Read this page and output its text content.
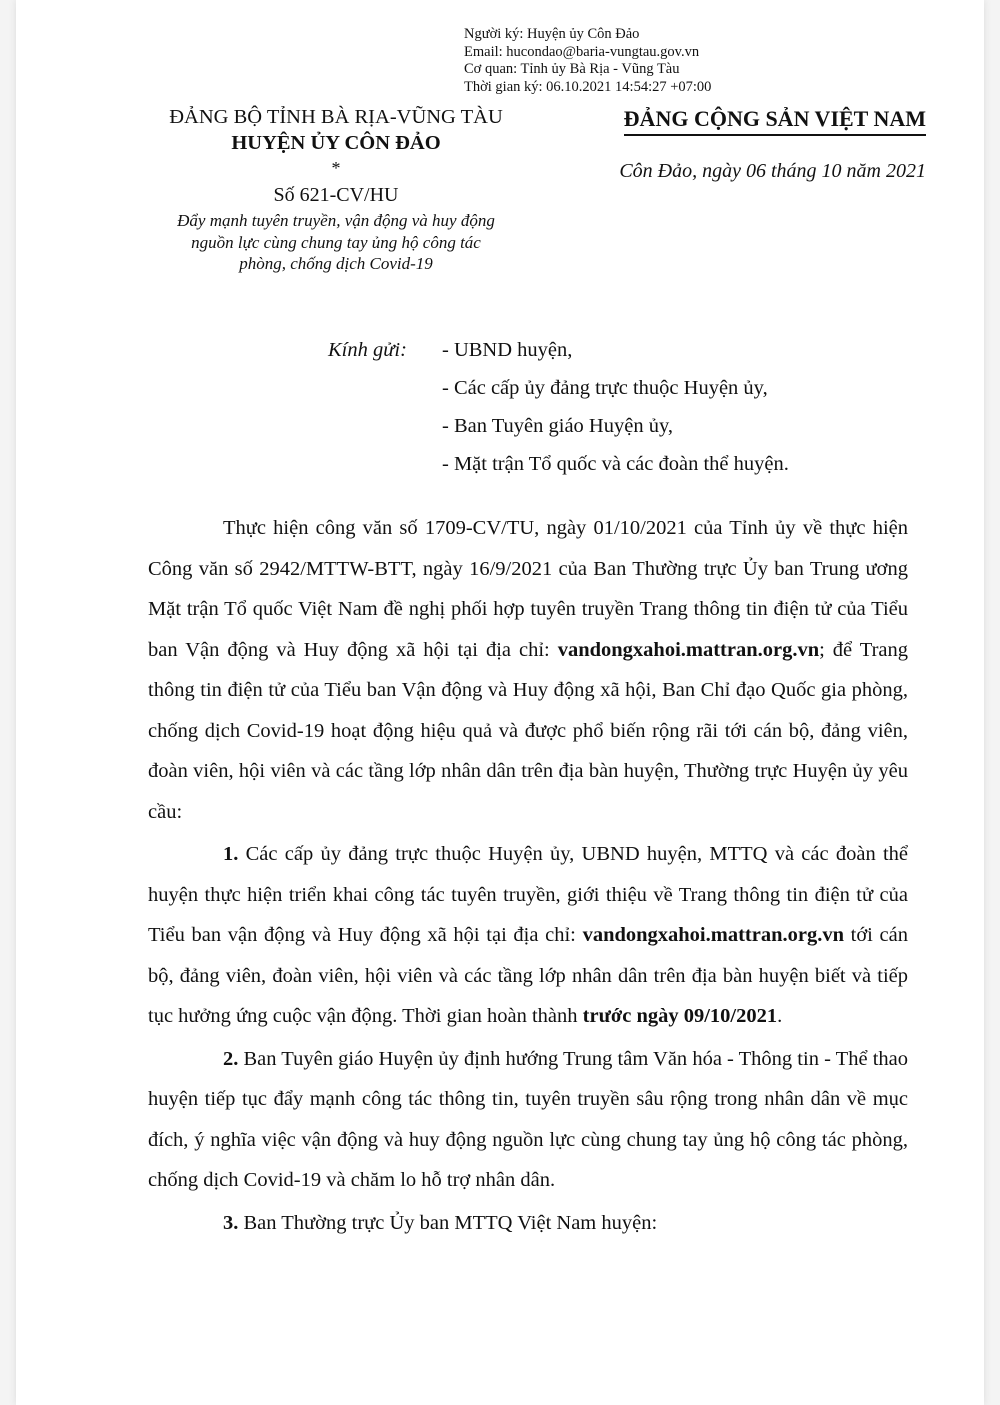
Người ký: Huyện ủy Côn Đảo
Email: hucondao@baria-vungtau.gov.vn
Cơ quan: Tỉnh ủy Bà Rịa - Vũng Tàu
Thời gian ký: 06.10.2021 14:54:27 +07:00
ĐẢNG BỘ TỈNH BÀ RỊA-VŨNG TÀU
HUYỆN ỦY CÔN ĐẢO
*
Số 621-CV/HU
Đẩy mạnh tuyên truyền, vận động và huy động
nguồn lực cùng chung tay ủng hộ công tác
phòng, chống dịch Covid-19
ĐẢNG CỘNG SẢN VIỆT NAM
Côn Đảo, ngày 06 tháng 10 năm 2021
Kính gửi:	- UBND huyện,
- Các cấp ủy đảng trực thuộc Huyện ủy,
- Ban Tuyên giáo Huyện ủy,
- Mặt trận Tổ quốc và các đoàn thể huyện.

Thực hiện công văn số 1709-CV/TU, ngày 01/10/2021 của Tỉnh ủy về thực hiện Công văn số 2942/MTTW-BTT, ngày 16/9/2021 của Ban Thường trực Ủy ban Trung ương Mặt trận Tổ quốc Việt Nam đề nghị phối hợp tuyên truyền Trang thông tin điện tử của Tiểu ban Vận động và Huy động xã hội tại địa chỉ: vandongxahoi.mattran.org.vn; để Trang thông tin điện tử của Tiểu ban Vận động và Huy động xã hội, Ban Chỉ đạo Quốc gia phòng, chống dịch Covid-19 hoạt động hiệu quả và được phổ biến rộng rãi tới cán bộ, đảng viên, đoàn viên, hội viên và các tầng lớp nhân dân trên địa bàn huyện, Thường trực Huyện ủy yêu cầu:

1. Các cấp ủy đảng trực thuộc Huyện ủy, UBND huyện, MTTQ và các đoàn thể huyện thực hiện triển khai công tác tuyên truyền, giới thiệu về Trang thông tin điện tử của Tiểu ban vận động và Huy động xã hội tại địa chỉ: vandongxahoi.mattran.org.vn tới cán bộ, đảng viên, đoàn viên, hội viên và các tầng lớp nhân dân trên địa bàn huyện biết và tiếp tục hưởng ứng cuộc vận động. Thời gian hoàn thành trước ngày 09/10/2021.

2. Ban Tuyên giáo Huyện ủy định hướng Trung tâm Văn hóa - Thông tin - Thể thao huyện tiếp tục đẩy mạnh công tác thông tin, tuyên truyền sâu rộng trong nhân dân về mục đích, ý nghĩa việc vận động và huy động nguồn lực cùng chung tay ủng hộ công tác phòng, chống dịch Covid-19 và chăm lo hỗ trợ nhân dân.

3. Ban Thường trực Ủy ban MTTQ Việt Nam huyện:
